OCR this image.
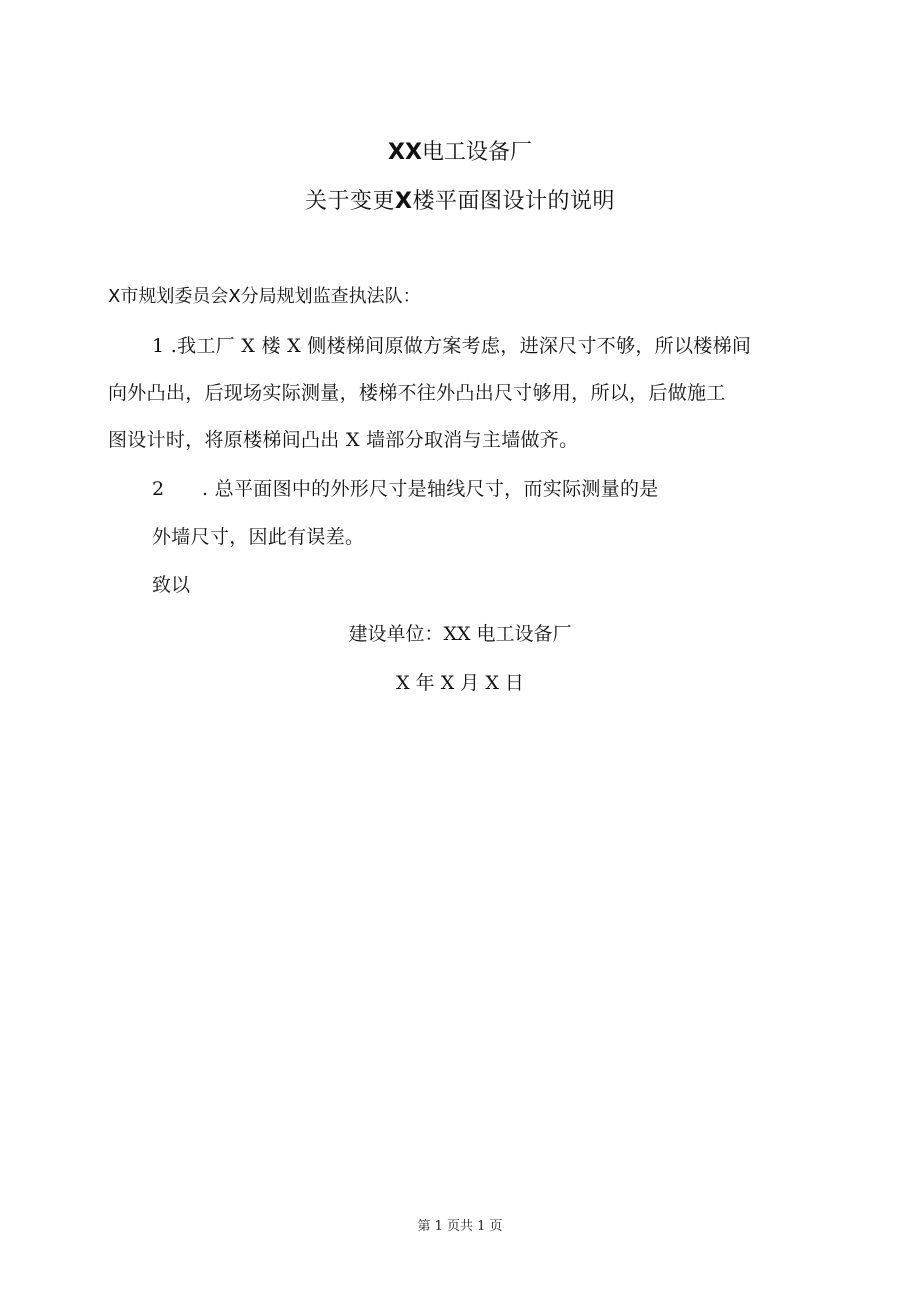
XX电工设备厂
关于变更X楼平面图设计的说明
X市规划委员会X分局规划监查执法队：
1 .我工厂 X 楼 X 侧楼梯间原做方案考虑，进深尺寸不够，所以楼梯间
向外凸出，后现场实际测量，楼梯不往外凸出尺寸够用，所以，后做施工
图设计时，将原楼梯间凸出 X 墙部分取消与主墙做齐。
2 . 总平面图中的外形尺寸是轴线尺寸，而实际测量的是
外墙尺寸，因此有误差。
致以
建设单位：XX 电工设备厂
X 年 X 月 X 日
第 1 页共 1 页
